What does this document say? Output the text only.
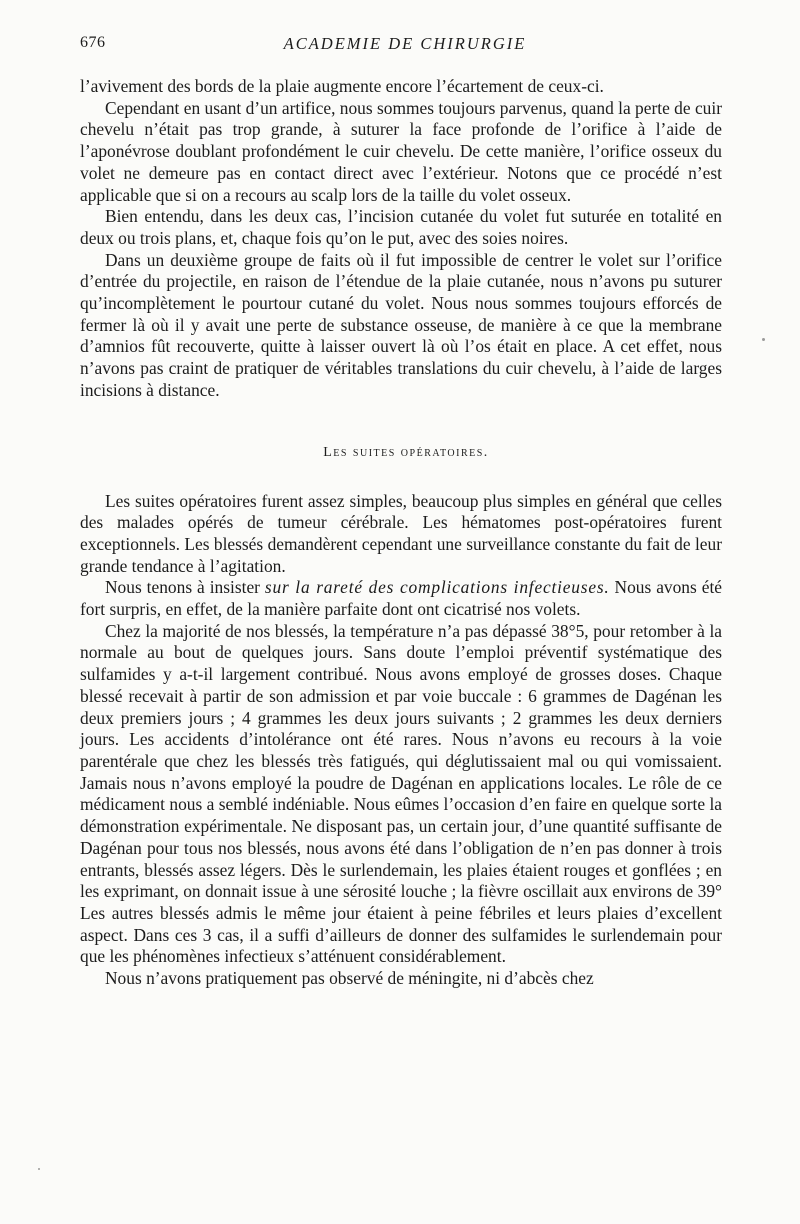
676	ACADEMIE DE CHIRURGIE

l’avivement des bords de la plaie augmente encore l’écartement de ceux-ci.

Cependant en usant d’un artifice, nous sommes toujours parvenus, quand la perte de cuir chevelu n’était pas trop grande, à suturer la face profonde de l’orifice à l’aide de l’aponévrose doublant profondément le cuir chevelu. De cette manière, l’orifice osseux du volet ne demeure pas en contact direct avec l’extérieur. Notons que ce procédé n’est applicable que si on a recours au scalp lors de la taille du volet osseux.

Bien entendu, dans les deux cas, l’incision cutanée du volet fut suturée en totalité en deux ou trois plans, et, chaque fois qu’on le put, avec des soies noires.

Dans un deuxième groupe de faits où il fut impossible de centrer le volet sur l’orifice d’entrée du projectile, en raison de l’étendue de la plaie cutanée, nous n’avons pu suturer qu’incomplètement le pourtour cutané du volet. Nous nous sommes toujours efforcés de fermer là où il y avait une perte de substance osseuse, de manière à ce que la membrane d’amnios fût recouverte, quitte à laisser ouvert là où l’os était en place. A cet effet, nous n’avons pas craint de pratiquer de véritables translations du cuir chevelu, à l’aide de larges incisions à distance.

Les suites opératoires.

Les suites opératoires furent assez simples, beaucoup plus simples en général que celles des malades opérés de tumeur cérébrale. Les hématomes post-opératoires furent exceptionnels. Les blessés demandèrent cependant une surveillance constante du fait de leur grande tendance à l’agitation.

Nous tenons à insister sur la rareté des complications infectieuses. Nous avons été fort surpris, en effet, de la manière parfaite dont ont cicatrisé nos volets.

Chez la majorité de nos blessés, la température n’a pas dépassé 38°5, pour retomber à la normale au bout de quelques jours. Sans doute l’emploi préventif systématique des sulfamides y a-t-il largement contribué. Nous avons employé de grosses doses. Chaque blessé recevait à partir de son admission et par voie buccale : 6 grammes de Dagénan les deux premiers jours ; 4 grammes les deux jours suivants ; 2 grammes les deux derniers jours. Les accidents d’intolérance ont été rares. Nous n’avons eu recours à la voie parentérale que chez les blessés très fatigués, qui déglutissaient mal ou qui vomissaient. Jamais nous n’avons employé la poudre de Dagénan en applications locales. Le rôle de ce médicament nous a semblé indéniable. Nous eûmes l’occasion d’en faire en quelque sorte la démonstration expérimentale. Ne disposant pas, un certain jour, d’une quantité suffisante de Dagénan pour tous nos blessés, nous avons été dans l’obligation de n’en pas donner à trois entrants, blessés assez légers. Dès le surlendemain, les plaies étaient rouges et gonflées ; en les exprimant, on donnait issue à une sérosité louche ; la fièvre oscillait aux environs de 39° Les autres blessés admis le même jour étaient à peine fébriles et leurs plaies d’excellent aspect. Dans ces 3 cas, il a suffi d’ailleurs de donner des sulfamides le surlendemain pour que les phénomènes infectieux s’atténuent considérablement.

Nous n’avons pratiquement pas observé de méningite, ni d’abcès chez
